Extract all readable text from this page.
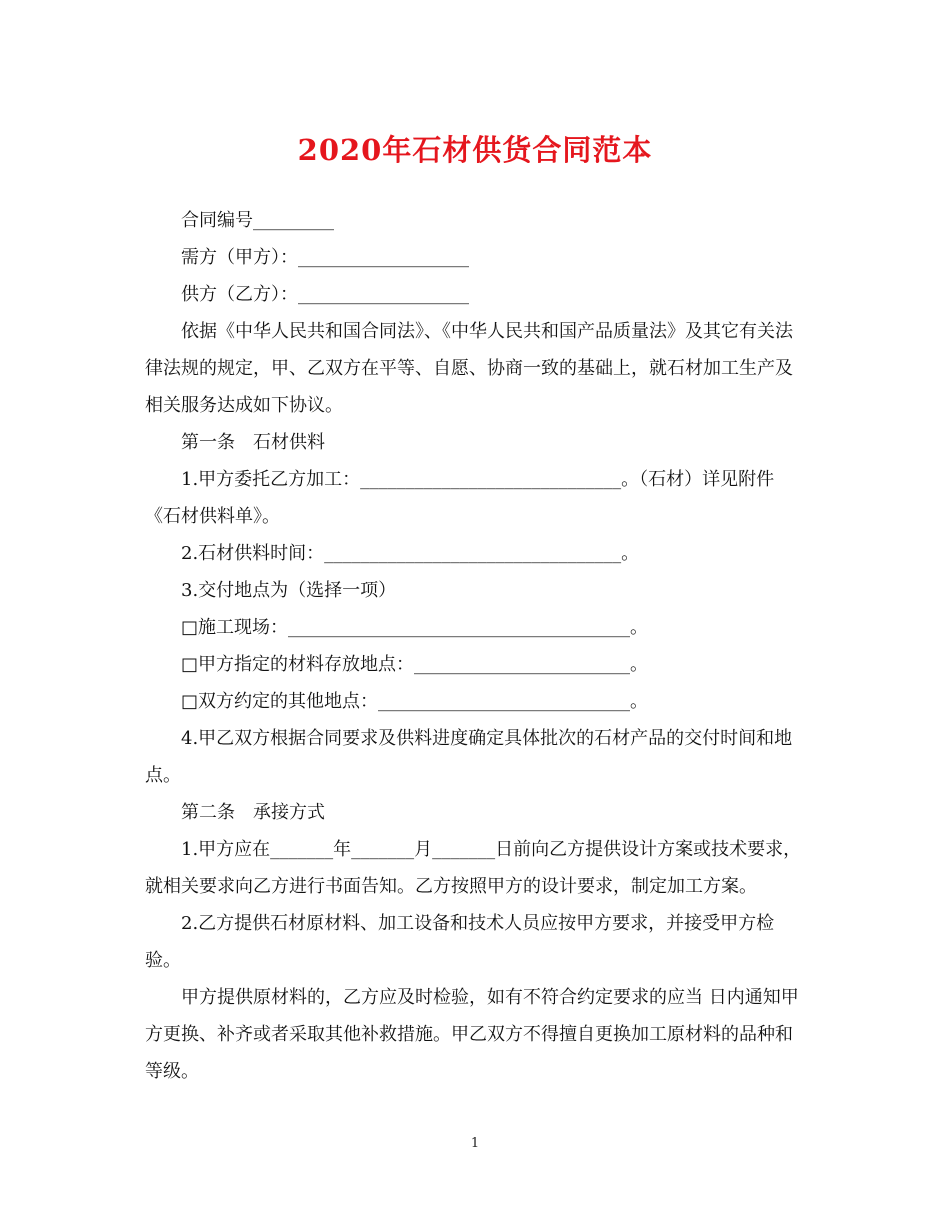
2020年石材供货合同范本

合同编号_________

需方（甲方）：___________________

供方（乙方）：___________________

依据《中华人民共和国合同法》、《中华人民共和国产品质量法》及其它有关法律法规的规定，甲、乙双方在平等、自愿、协商一致的基础上，就石材加工生产及相关服务达成如下协议。

第一条　石材供料

1.甲方委托乙方加工：_____________________________。（石材）详见附件《石材供料单》。

2.石材供料时间：_________________________________。

3.交付地点为（选择一项）

□施工现场：______________________________________。

□甲方指定的材料存放地点：________________________。

□双方约定的其他地点：____________________________。

4.甲乙双方根据合同要求及供料进度确定具体批次的石材产品的交付时间和地点。

第二条　承接方式

1.甲方应在_______年_______月_______日前向乙方提供设计方案或技术要求，就相关要求向乙方进行书面告知。乙方按照甲方的设计要求，制定加工方案。

2.乙方提供石材原材料、加工设备和技术人员应按甲方要求，并接受甲方检验。

甲方提供原材料的，乙方应及时检验，如有不符合约定要求的应当 日内通知甲方更换、补齐或者采取其他补救措施。甲乙双方不得擅自更换加工原材料的品种和等级。

1
